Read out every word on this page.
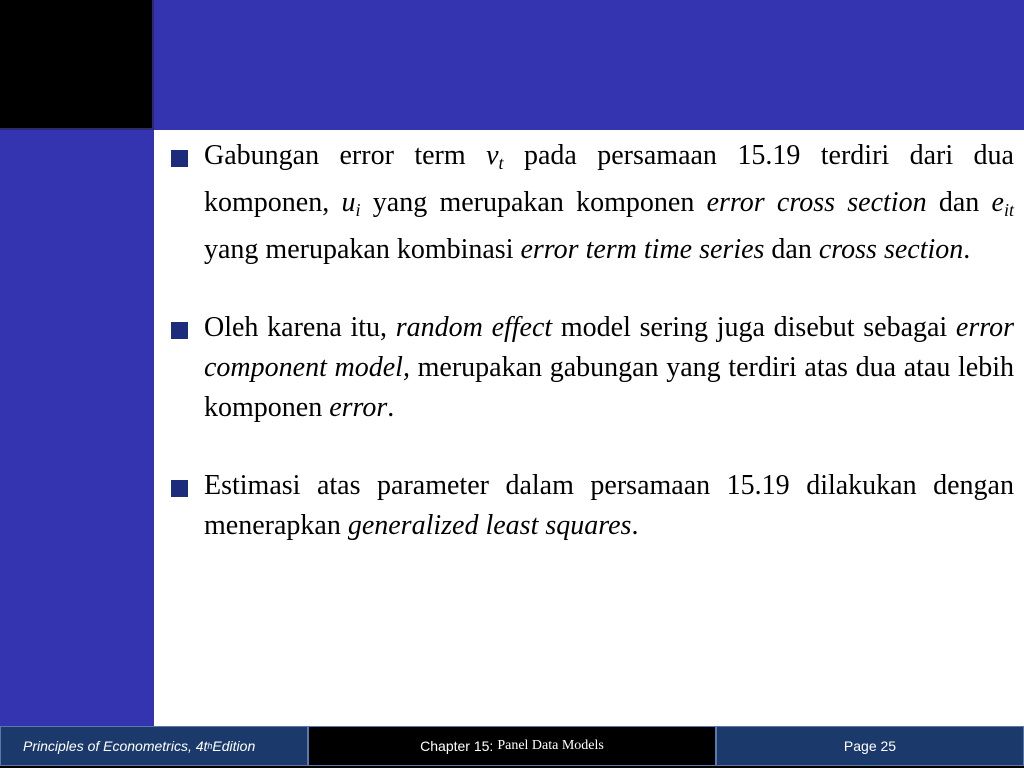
Gabungan error term $v_t$ pada persamaan 15.19 terdiri dari dua komponen, $u_i$ yang merupakan komponen error cross section dan $e_{it}$ yang merupakan kombinasi error term time series dan cross section.
Oleh karena itu, random effect model sering juga disebut sebagai error component model, merupakan gabungan yang terdiri atas dua atau lebih komponen error.
Estimasi atas parameter dalam persamaan 15.19 dilakukan dengan menerapkan generalized least squares.
Principles of Econometrics, 4t h Edition	Chapter 15: Panel Data Models	Page 25
